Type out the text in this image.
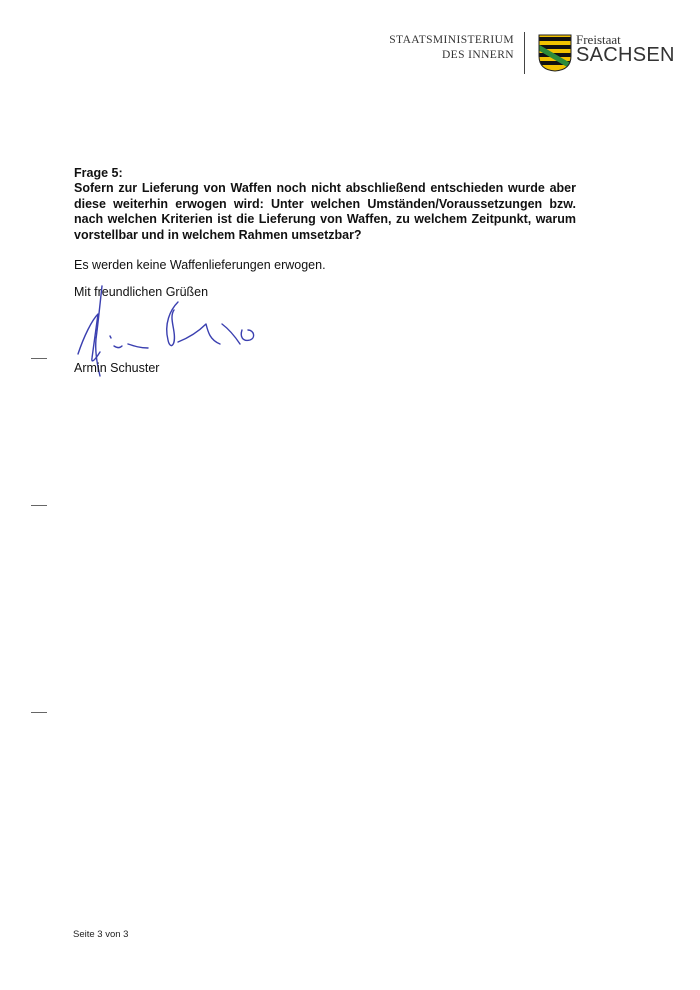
STAATSMINISTERIUM
DES INNERN
Freistaat
SACHSEN
Frage 5:

Sofern zur Lieferung von Waffen noch nicht abschließend entschieden wurde aber diese weiterhin erwogen wird: Unter welchen Umständen/Voraussetzungen bzw. nach welchen Kriterien ist die Lieferung von Waffen, zu welchem Zeitpunkt, warum vorstellbar und in welchem Rahmen umsetzbar?

Es werden keine Waffenlieferungen erwogen.
Mit freundlichen Grüßen
Armin Schuster
Seite 3 von 3
